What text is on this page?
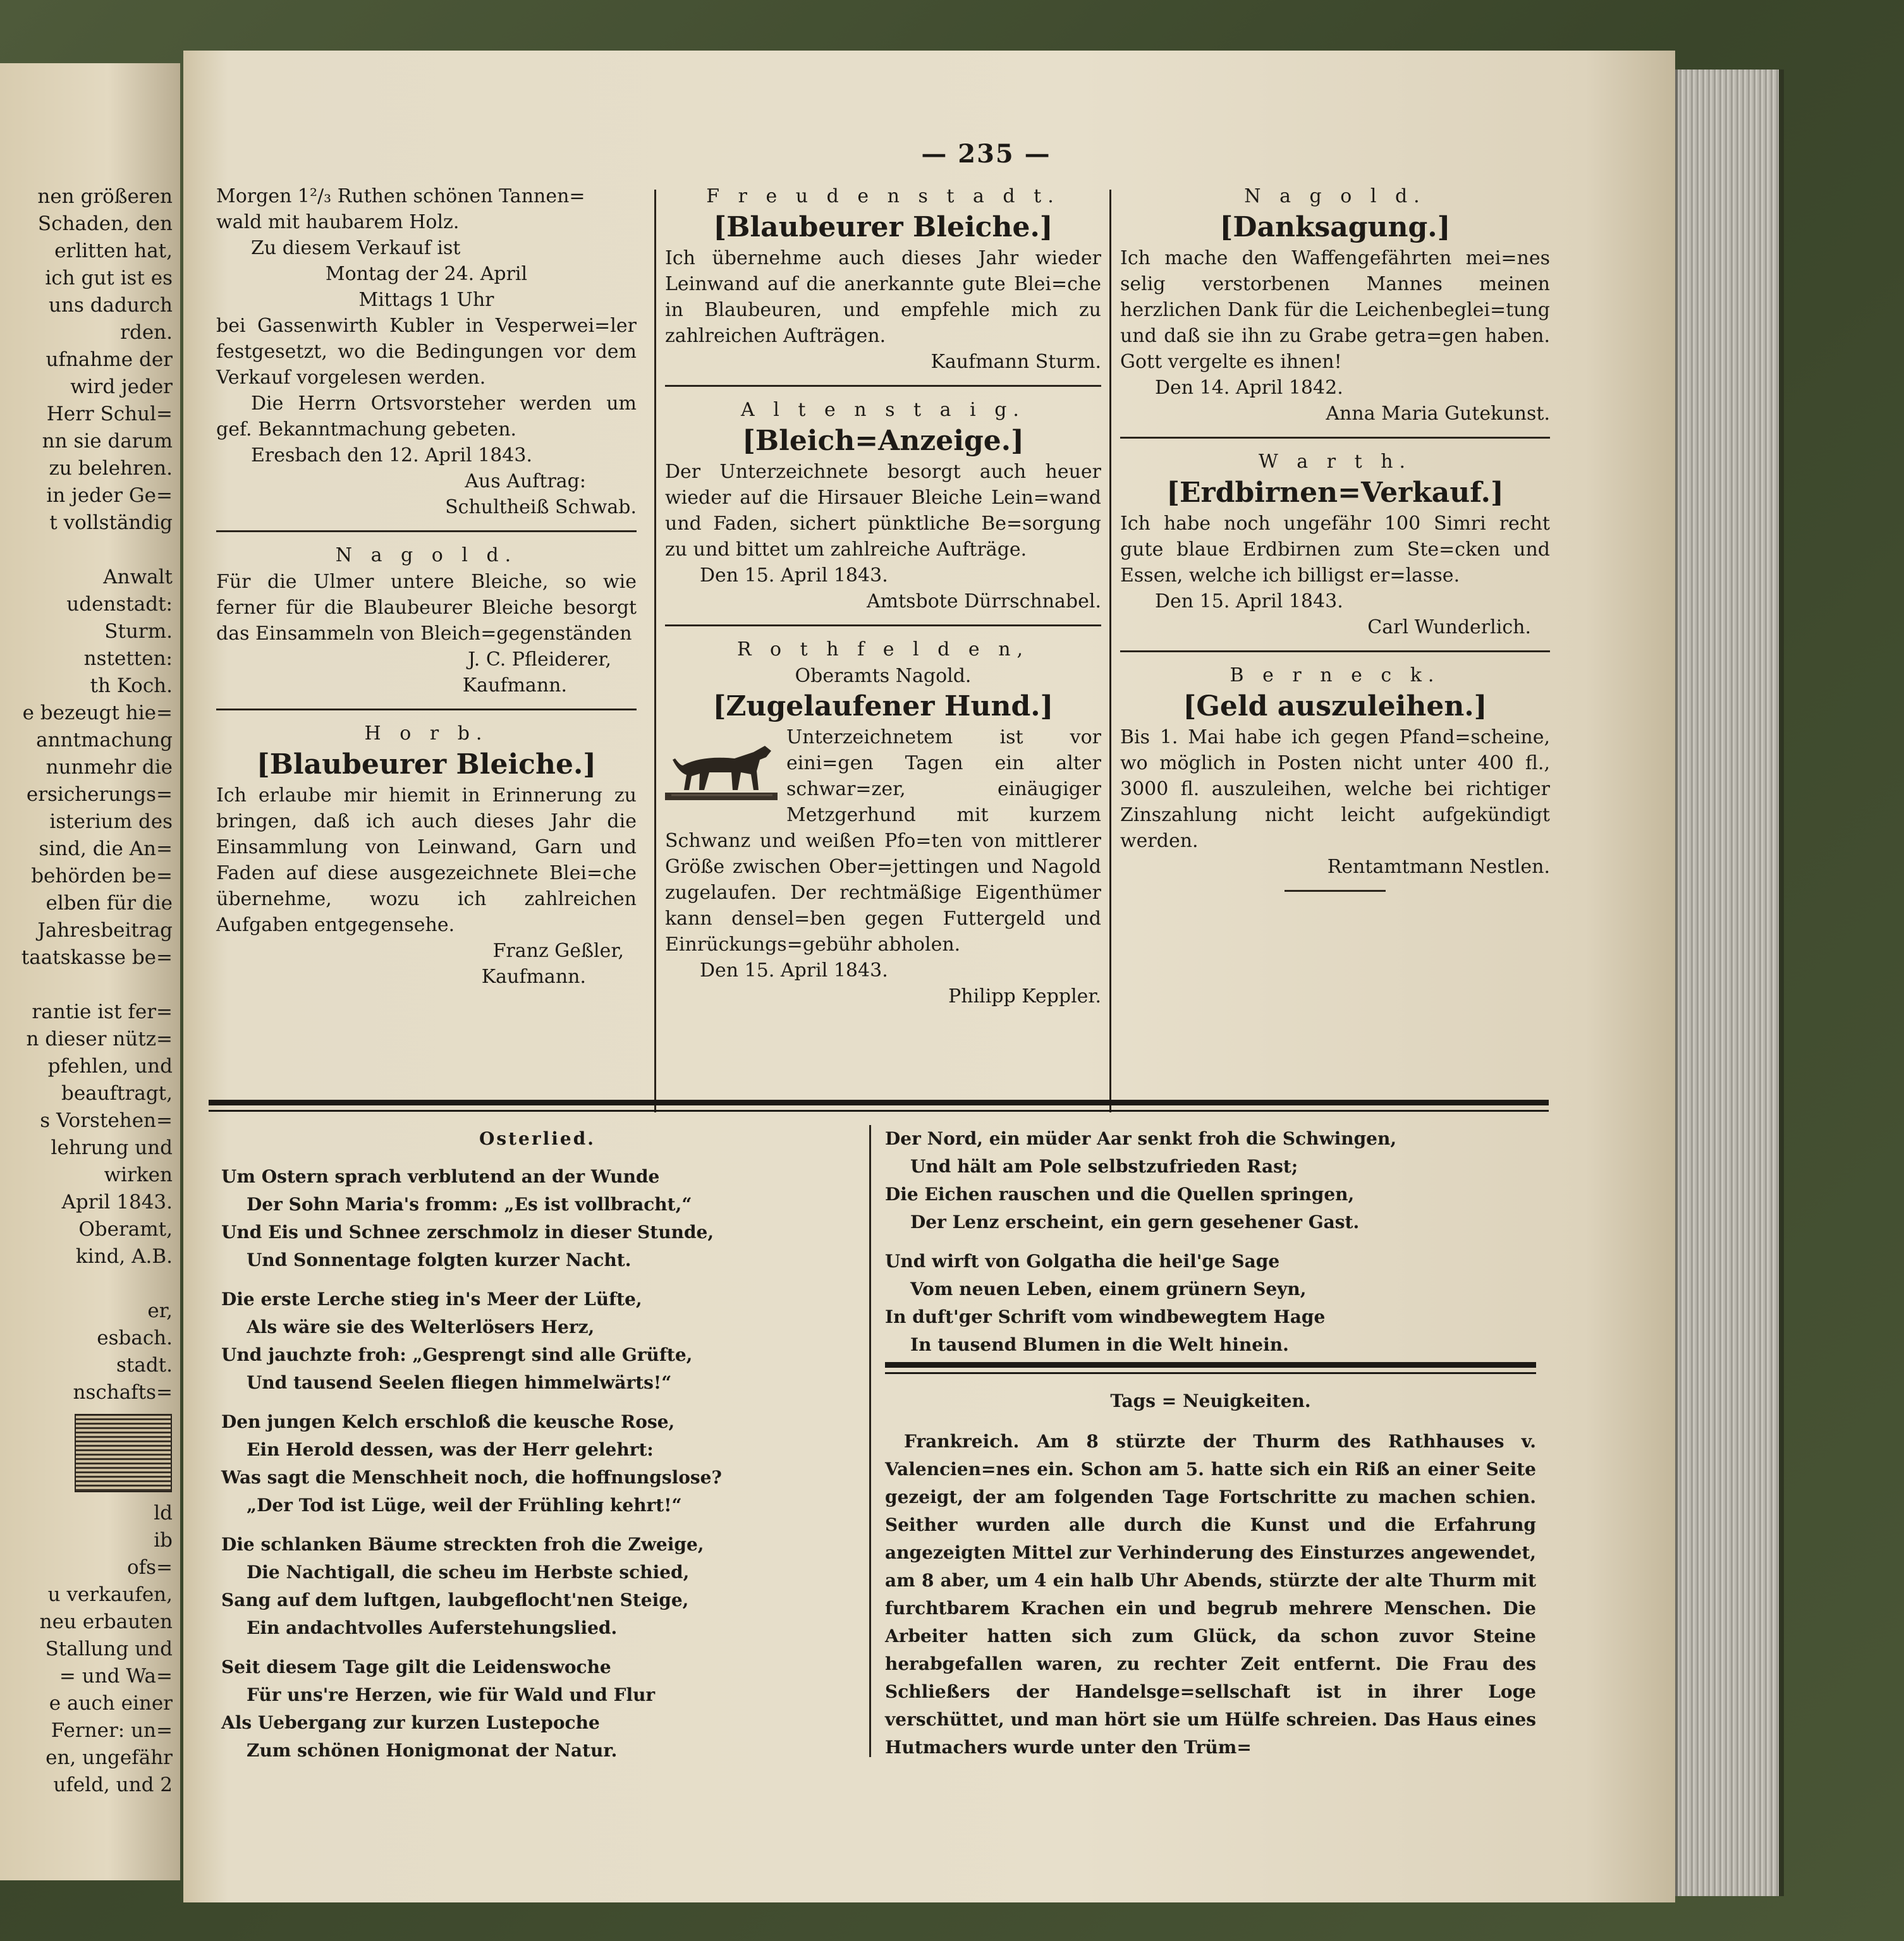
nen größeren
Schaden, den
erlitten hat,
ich gut ist es
uns dadurch
rden.
ufnahme der
wird jeder
Herr Schul=
nn sie darum
zu belehren.
in jeder Ge=
t vollständig

Anwalt
udenstadt:
Sturm.
nstetten:
th Koch.
e bezeugt hie=
anntmachung
nunmehr die
ersicherungs=
isterium des
sind, die An=
behörden be=
elben für die
Jahresbeitrag
taatskasse be=

rantie ist fer=
n dieser nütz=
pfehlen, und
beauftragt,
s Vorstehen=
lehrung und
wirken
April 1843.
Oberamt,
kind, A.B.

er,
esbach.
stadt.
nschafts=
ld
ib
ofs=
u verkaufen,
neu erbauten
Stallung und
= und Wa=
e auch einer
Ferner: un=
en, ungefähr
ufeld, und 2
— 235 —

Morgen 1²/₃ Ruthen schönen Tannen=

wald mit haubarem Holz.

Zu diesem Verkauf ist

Montag der 24. April

Mittags 1 Uhr

bei Gassenwirth Kubler in Vesperwei=ler festgesetzt, wo die Bedingungen vor dem Verkauf vorgelesen werden.

Die Herrn Ortsvorsteher werden um gef. Bekanntmachung gebeten.

Eresbach den 12. April 1843.

Aus Auftrag:

Schultheiß Schwab.

N a g o l d.

Für die Ulmer untere Bleiche, so wie ferner für die Blaubeurer Bleiche besorgt das Einsammeln von Bleich=gegenständen

J. C. Pfleiderer,

Kaufmann.

H o r b.

[Blaubeurer Bleiche.]

Ich erlaube mir hiemit in Erinnerung zu bringen, daß ich auch dieses Jahr die Einsammlung von Leinwand, Garn und Faden auf diese ausgezeichnete Blei=che übernehme, wozu ich zahlreichen Aufgaben entgegensehe.

Franz Geßler,

Kaufmann.

F r e u d e n s t a d t.

[Blaubeurer Bleiche.]

Ich übernehme auch dieses Jahr wieder Leinwand auf die anerkannte gute Blei=che in Blaubeuren, und empfehle mich zu zahlreichen Aufträgen.

Kaufmann Sturm.

A l t e n s t a i g.

[Bleich=Anzeige.]

Der Unterzeichnete besorgt auch heuer wieder auf die Hirsauer Bleiche Lein=wand und Faden, sichert pünktliche Be=sorgung zu und bittet um zahlreiche Aufträge.

Den 15. April 1843.

Amtsbote Dürrschnabel.

R o t h f e l d e n,

Oberamts Nagold.

[Zugelaufener Hund.]

Unterzeichnetem ist vor eini=gen Tagen ein alter schwar=zer, einäugiger Metzgerhund mit kurzem Schwanz und weißen Pfo=ten von mittlerer Größe zwischen Ober=jettingen und Nagold zugelaufen. Der rechtmäßige Eigenthümer kann densel=ben gegen Futtergeld und Einrückungs=gebühr abholen.

Den 15. April 1843.

Philipp Keppler.

N a g o l d.

[Danksagung.]

Ich mache den Waffengefährten mei=nes selig verstorbenen Mannes meinen herzlichen Dank für die Leichenbeglei=tung und daß sie ihn zu Grabe getra=gen haben. Gott vergelte es ihnen!

Den 14. April 1842.

Anna Maria Gutekunst.

W a r t h.

[Erdbirnen=Verkauf.]

Ich habe noch ungefähr 100 Simri recht gute blaue Erdbirnen zum Ste=cken und Essen, welche ich billigst er=lasse.

Den 15. April 1843.

Carl Wunderlich.

B e r n e c k.

[Geld auszuleihen.]

Bis 1. Mai habe ich gegen Pfand=scheine, wo möglich in Posten nicht unter 400 fl., 3000 fl. auszuleihen, welche bei richtiger Zinszahlung nicht leicht aufgekündigt werden.

Rentamtmann Nestlen.

Osterlied.

Um Ostern sprach verblutend an der Wunde

Der Sohn Maria's fromm: „Es ist vollbracht,“

Und Eis und Schnee zerschmolz in dieser Stunde,

Und Sonnentage folgten kurzer Nacht.

Die erste Lerche stieg in's Meer der Lüfte,

Als wäre sie des Welterlösers Herz,

Und jauchzte froh: „Gesprengt sind alle Grüfte,

Und tausend Seelen fliegen himmelwärts!“

Den jungen Kelch erschloß die keusche Rose,

Ein Herold dessen, was der Herr gelehrt:

Was sagt die Menschheit noch, die hoffnungslose?

„Der Tod ist Lüge, weil der Frühling kehrt!“

Die schlanken Bäume streckten froh die Zweige,

Die Nachtigall, die scheu im Herbste schied,

Sang auf dem luftgen, laubgeflocht'nen Steige,

Ein andachtvolles Auferstehungslied.

Seit diesem Tage gilt die Leidenswoche

Für uns're Herzen, wie für Wald und Flur

Als Uebergang zur kurzen Lustepoche

Zum schönen Honigmonat der Natur.

Der Nord, ein müder Aar senkt froh die Schwingen,

Und hält am Pole selbstzufrieden Rast;

Die Eichen rauschen und die Quellen springen,

Der Lenz erscheint, ein gern gesehener Gast.

Und wirft von Golgatha die heil'ge Sage

Vom neuen Leben, einem grünern Seyn,

In duft'ger Schrift vom windbewegtem Hage

In tausend Blumen in die Welt hinein.

Tags = Neuigkeiten.

Frankreich. Am 8 stürzte der Thurm des Rathhauses v. Valencien=nes ein. Schon am 5. hatte sich ein Riß an einer Seite gezeigt, der am folgenden Tage Fortschritte zu machen schien. Seither wurden alle durch die Kunst und die Erfahrung angezeigten Mittel zur Verhinderung des Einsturzes angewendet, am 8 aber, um 4 ein halb Uhr Abends, stürzte der alte Thurm mit furchtbarem Krachen ein und begrub mehrere Menschen. Die Arbeiter hatten sich zum Glück, da schon zuvor Steine herabgefallen waren, zu rechter Zeit entfernt. Die Frau des Schließers der Handelsge=sellschaft ist in ihrer Loge verschüttet, und man hört sie um Hülfe schreien. Das Haus eines Hutmachers wurde unter den Trüm=
